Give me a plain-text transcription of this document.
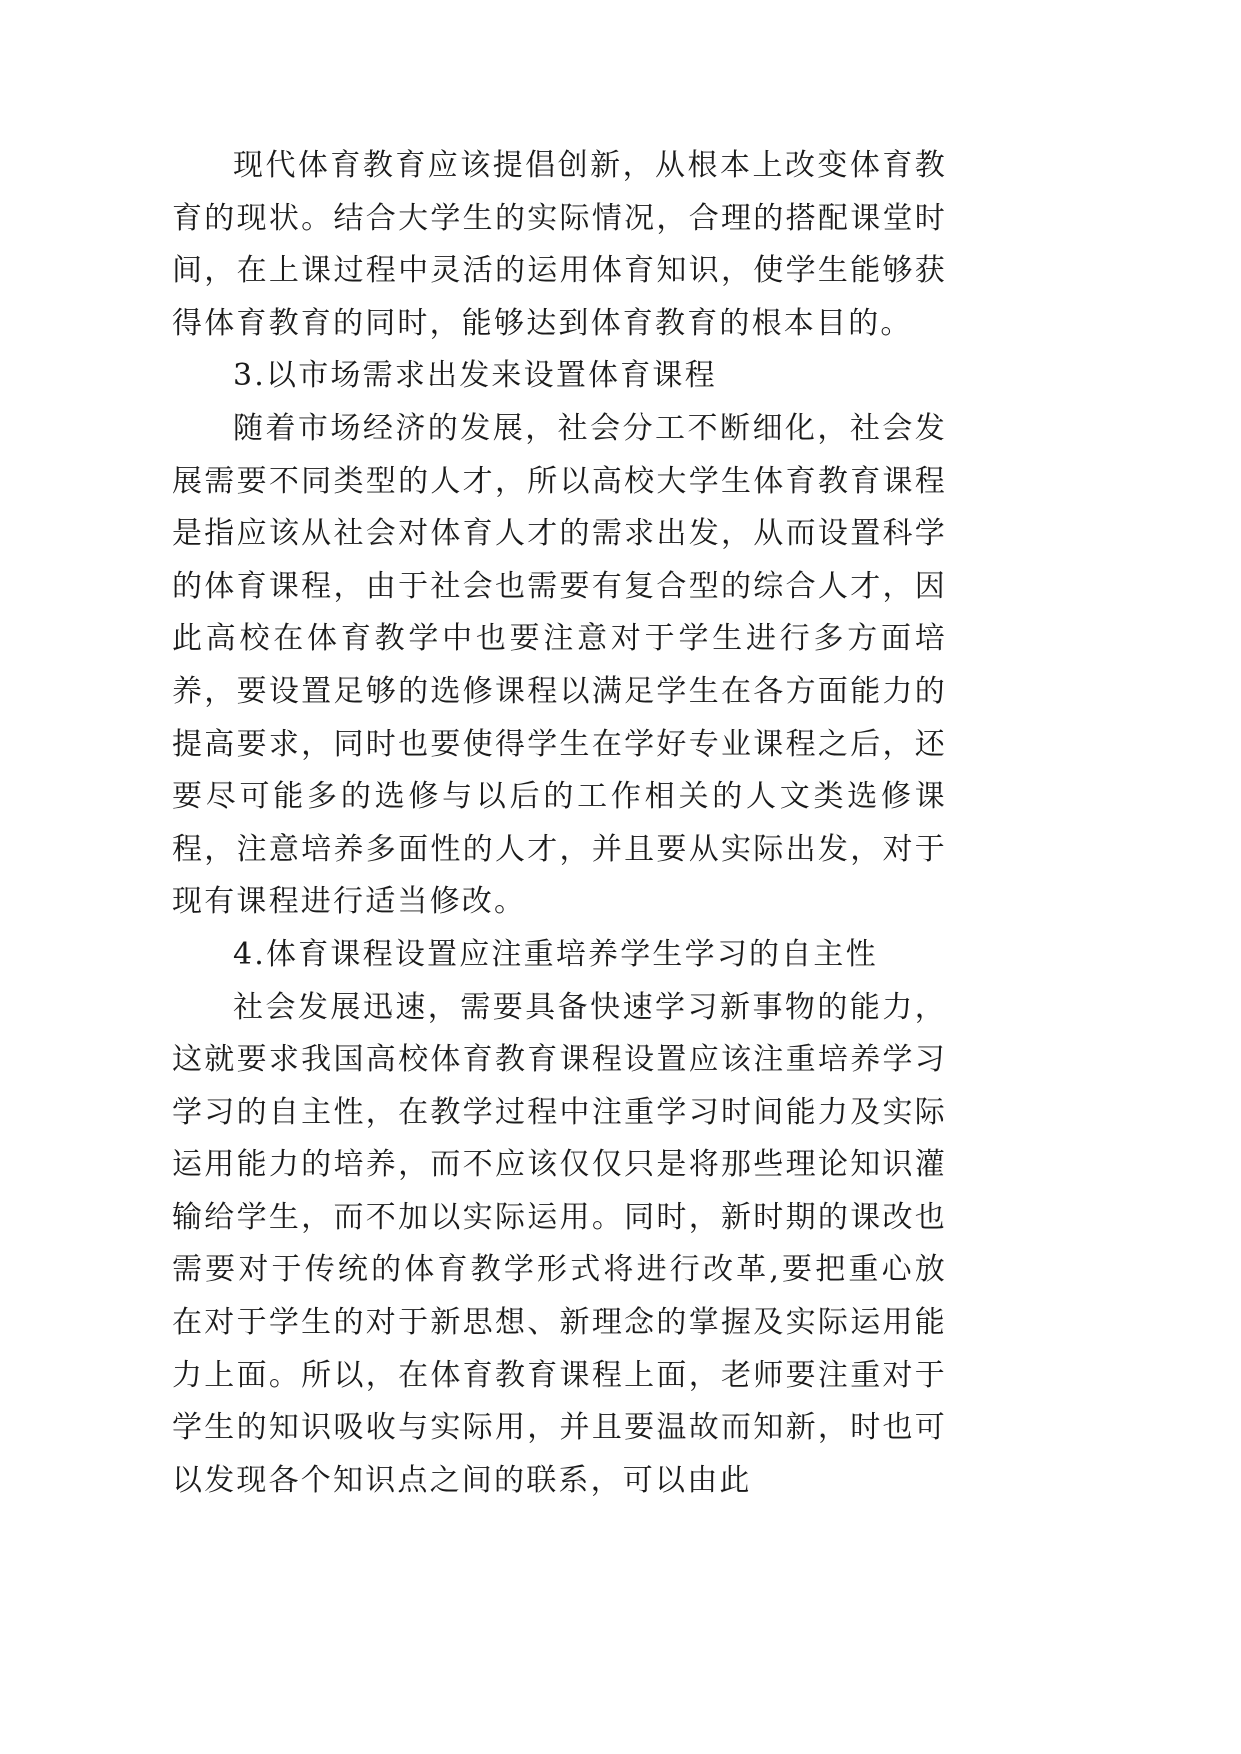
现代体育教育应该提倡创新，从根本上改变体育教育的现状。结合大学生的实际情况，合理的搭配课堂时间，在上课过程中灵活的运用体育知识，使学生能够获得体育教育的同时，能够达到体育教育的根本目的。

3.以市场需求出发来设置体育课程

随着市场经济的发展，社会分工不断细化，社会发展需要不同类型的人才，所以高校大学生体育教育课程是指应该从社会对体育人才的需求出发，从而设置科学的体育课程，由于社会也需要有复合型的综合人才，因此高校在体育教学中也要注意对于学生进行多方面培养，要设置足够的选修课程以满足学生在各方面能力的提高要求，同时也要使得学生在学好专业课程之后，还要尽可能多的选修与以后的工作相关的人文类选修课程，注意培养多面性的人才，并且要从实际出发，对于现有课程进行适当修改。

4.体育课程设置应注重培养学生学习的自主性

社会发展迅速，需要具备快速学习新事物的能力，这就要求我国高校体育教育课程设置应该注重培养学习学习的自主性，在教学过程中注重学习时间能力及实际运用能力的培养，而不应该仅仅只是将那些理论知识灌输给学生，而不加以实际运用。同时，新时期的课改也需要对于传统的体育教学形式将进行改革,要把重心放在对于学生的对于新思想、新理念的掌握及实际运用能力上面。所以，在体育教育课程上面，老师要注重对于学生的知识吸收与实际用，并且要温故而知新，时也可以发现各个知识点之间的联系，可以由此
